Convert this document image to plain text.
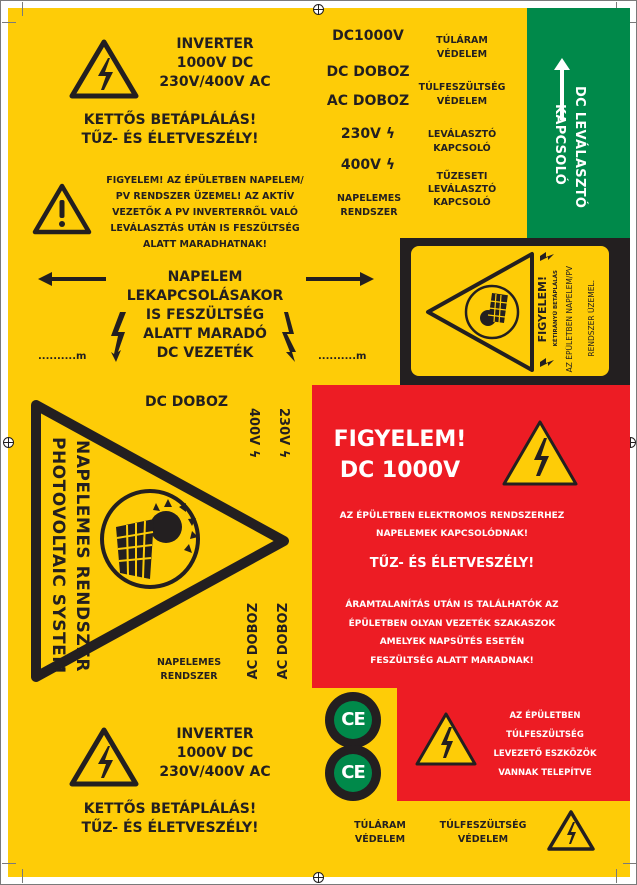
INVERTER
1000V DC
230V/400V AC
KETTŐS BETÁPLÁLÁS!
TŰZ- ÉS ÉLETVESZÉLY!
FIGYELEM! AZ ÉPÜLETBEN NAPELEM/
PV RENDSZER ÜZEMEL! AZ AKTÍV
VEZETŐK A PV INVERTERRŐL VALÓ
LEVÁLASZTÁS UTÁN IS FESZÜLTSÉG
ALATT MARADHATNAK!
DC1000V
DC DOBOZ
AC DOBOZ
230V ϟ
400V ϟ
NAPELEMES RENDSZER
TÚLÁRAM
VÉDELEM
TÚLFESZÜLTSÉG
VÉDELEM
LEVÁLASZTÓ
KAPCSOLÓ
TŰZESETI
LEVÁLASZTÓ
KAPCSOLÓ	DC LEVÁLASZTÓ
KAPCSOLÓ
NAPELEM
LEKAPCSOLÁSAKOR
IS FESZÜLTSÉG
ALATT MARADÓ
DC VEZETÉK
..........m	..........m
FIGYELEM! KÉTIRÁNYÚ BETÁPLÁLÁS AZ ÉPÜLETBEN NAPELEM/PV RENDSZER ÜZEMEL.
NAPELEMES RENDSZER
PHOTOVOLTAIC SYSTEM
DC DOBOZ
230V ϟ
400V ϟ
AC DOBOZ AC DOBOZ
NAPELEMES
RENDSZER
FIGYELEM!
DC 1000V
AZ ÉPÜLETBEN ELEKTROMOS RENDSZERHEZ
NAPELEMEK KAPCSOLÓDNAK!
TŰZ- ÉS ÉLETVESZÉLY!
ÁRAMTALANÍTÁS UTÁN IS TALÁLHATÓK AZ
ÉPÜLETBEN OLYAN VEZETÉK SZAKASZOK
AMELYEK NAPSÜTÉS ESETÉN
FESZÜLTSÉG ALATT MARADNAK!
CE
CE
AZ ÉPÜLETBEN
TÚLFESZÜLTSÉG
LEVEZETŐ ESZKÖZÖK
VANNAK TELEPÍTVE
INVERTER
1000V DC
230V/400V AC
KETTŐS BETÁPLÁLÁS!
TŰZ- ÉS ÉLETVESZÉLY!	TÚLÁRAM
VÉDELEM
TÚLFESZÜLTSÉG
VÉDELEM
